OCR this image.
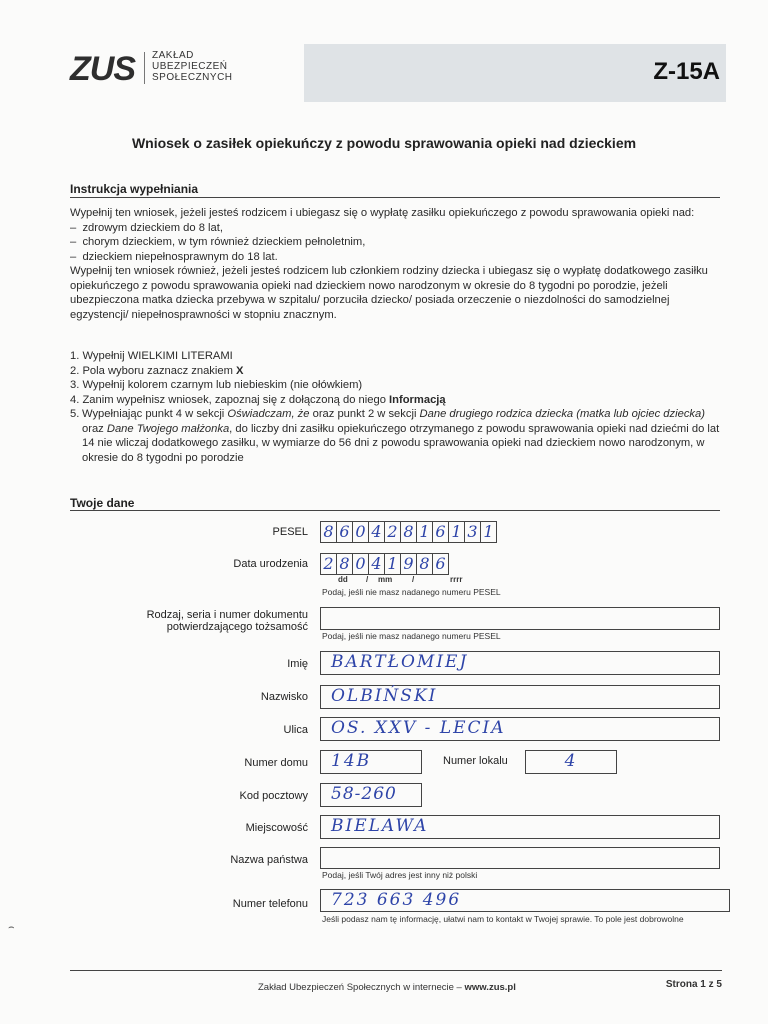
ZUS ZAKŁAD
UBEZPIECZEŃ
SPOŁECZNYCH	Z-15A
Wniosek o zasiłek opiekuńczy z powodu sprawowania opieki nad dzieckiem
Instrukcja wypełniania

Wypełnij ten wniosek, jeżeli jesteś rodzicem i ubiegasz się o wypłatę zasiłku opiekuńczego z powodu sprawowania opieki nad:

–  zdrowym dzieckiem do 8 lat,

–  chorym dzieckiem, w tym również dzieckiem pełnoletnim,

–  dzieckiem niepełnosprawnym do 18 lat.

Wypełnij ten wniosek również, jeżeli jesteś rodzicem lub członkiem rodziny dziecka i ubiegasz się o wypłatę dodatkowego zasiłku opiekuńczego z powodu sprawowania opieki nad dzieckiem nowo narodzonym w okresie do 8 tygodni po porodzie, jeżeli ubezpieczona matka dziecka przebywa w szpitalu/ porzuciła dziecko/ posiada orzeczenie o niezdolności do samodzielnej egzystencji/ niepełnosprawności w stopniu znacznym.

1. Wypełnij WIELKIMI LITERAMI

2. Pola wyboru zaznacz znakiem X

3. Wypełnij kolorem czarnym lub niebieskim (nie ołówkiem)

4. Zanim wypełnisz wniosek, zapoznaj się z dołączoną do niego Informacją

5. Wypełniając punkt 4 w sekcji Oświadczam, że oraz punkt 2 w sekcji Dane drugiego rodzica dziecka (matka lub ojciec dziecka) oraz Dane Twojego małżonka, do liczby dni zasiłku opiekuńczego otrzymanego z powodu sprawowania opieki nad dziećmi do lat 14 nie wliczaj dodatkowego zasiłku, w wymiarze do 56 dni z powodu sprawowania opieki nad dzieckiem nowo narodzonym, w okresie do 8 tygodni po porodzie
Twoje dane
PESEL 8 6 0 4 2 8 1 6 1 3 1
Data urodzenia 2 8 0 4 1 9 8 6
dd / mm /	rrrr
Podaj, jeśli nie masz nadanego numeru PESEL
Rodzaj, seria i numer dokumentu
potwierdzającego tożsamość
Podaj, jeśli nie masz nadanego numeru PESEL
Imię	BARTŁOMIEJ
Nazwisko	OLBIŃSKI
Ulica	OS. XXV - LECIA
Numer domu	14B	Numer lokalu	4
Kod pocztowy	58-260
Miejscowość	BIELAWA
Nazwa państwa
Podaj, jeśli Twój adres jest inny niż polski
Numer telefonu	723 663 496
Jeśli podasz nam tę informację, ułatwi nam to kontakt w Twojej sprawie. To pole jest dobrowolne
⌢
Zakład Ubezpieczeń Społecznych w internecie – www.zus.pl	Strona 1 z 5
